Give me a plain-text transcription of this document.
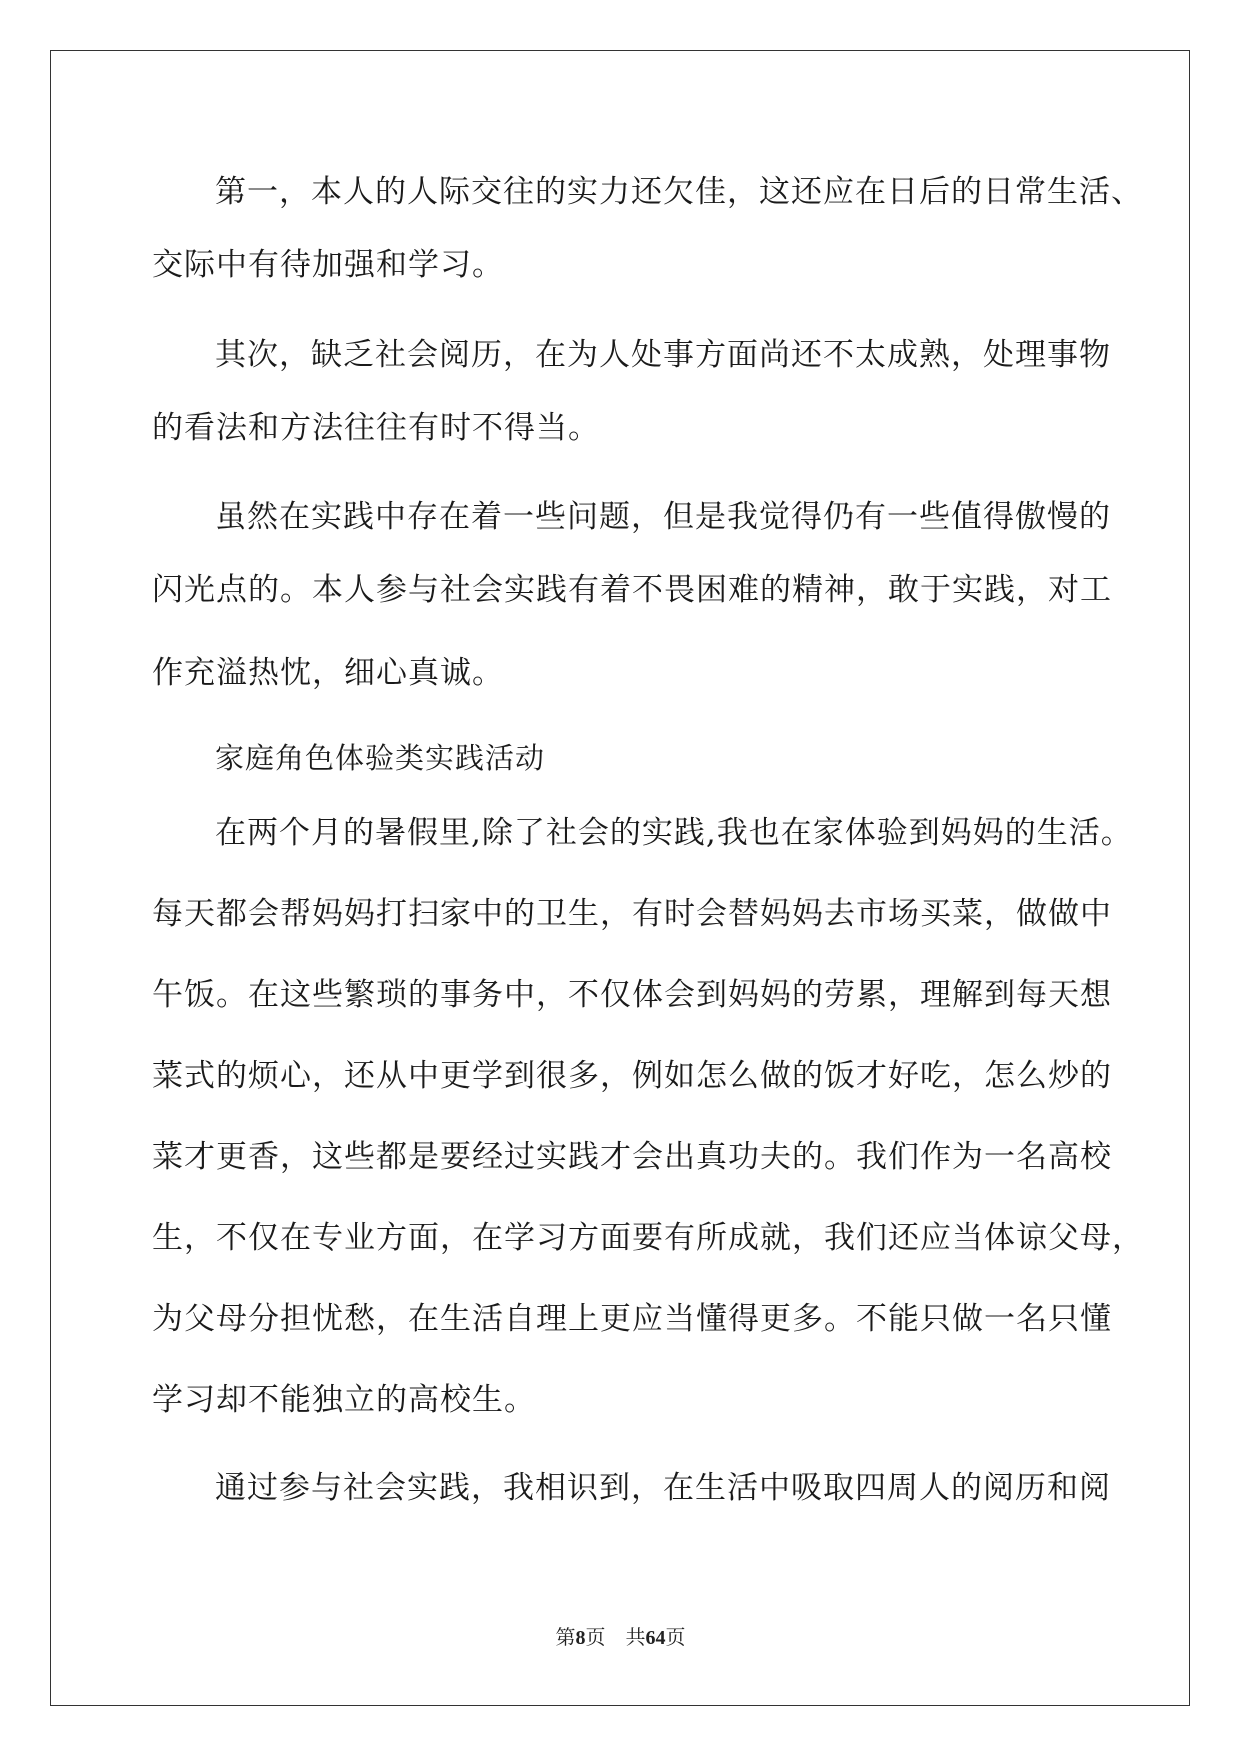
第一，本人的人际交往的实力还欠佳，这还应在日后的日常生活、
交际中有待加强和学习。
其次，缺乏社会阅历，在为人处事方面尚还不太成熟，处理事物
的看法和方法往往有时不得当。
虽然在实践中存在着一些问题，但是我觉得仍有一些值得傲慢的
闪光点的。本人参与社会实践有着不畏困难的精神，敢于实践，对工
作充溢热忱，细心真诚。
家庭角色体验类实践活动
在两个月的暑假里,除了社会的实践,我也在家体验到妈妈的生活。
每天都会帮妈妈打扫家中的卫生，有时会替妈妈去市场买菜，做做中
午饭。在这些繁琐的事务中，不仅体会到妈妈的劳累，理解到每天想
菜式的烦心，还从中更学到很多，例如怎么做的饭才好吃，怎么炒的
菜才更香，这些都是要经过实践才会出真功夫的。我们作为一名高校
生，不仅在专业方面，在学习方面要有所成就，我们还应当体谅父母，
为父母分担忧愁，在生活自理上更应当懂得更多。不能只做一名只懂
学习却不能独立的高校生。
通过参与社会实践，我相识到，在生活中吸取四周人的阅历和阅
第8页 共64页
